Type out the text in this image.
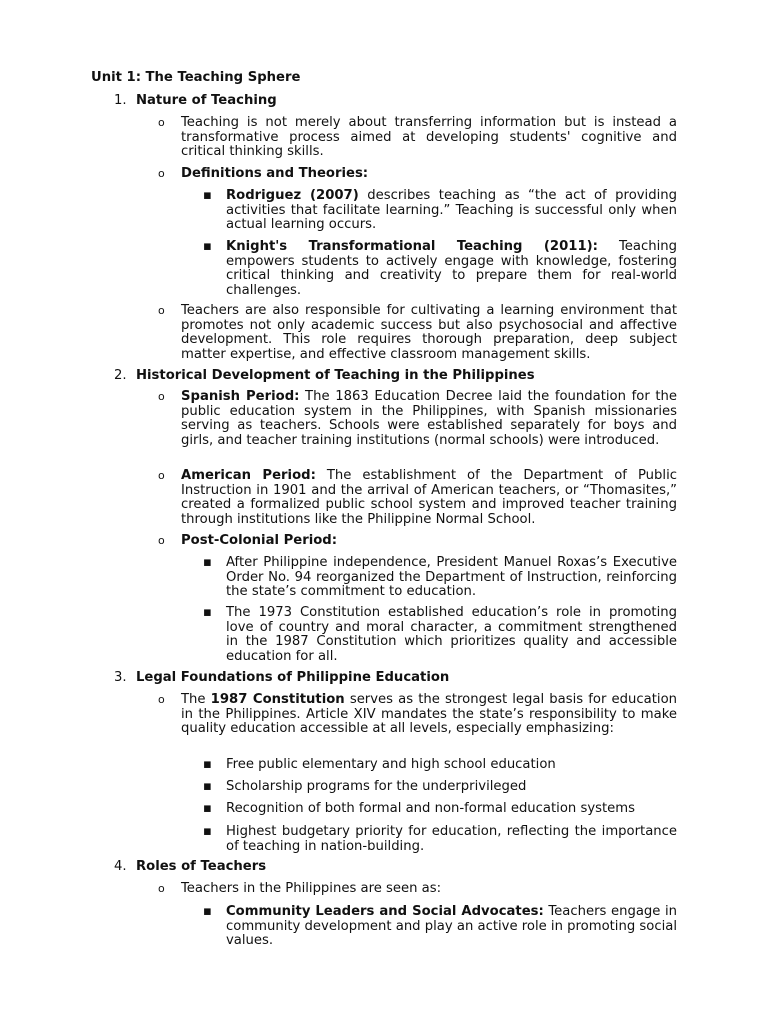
Unit 1: The Teaching Sphere
1. Nature of Teaching
o Teaching is not merely about transferring information but is instead a transformative process aimed at developing students' cognitive and critical thinking skills.
o Definitions and Theories:
▪ Rodriguez (2007) describes teaching as “the act of providing activities that facilitate learning.” Teaching is successful only when actual learning occurs.
▪ Knight's Transformational Teaching (2011): Teaching empowers students to actively engage with knowledge, fostering critical thinking and creativity to prepare them for real-world challenges.
o Teachers are also responsible for cultivating a learning environment that promotes not only academic success but also psychosocial and affective development. This role requires thorough preparation, deep subject matter expertise, and effective classroom management skills.
2. Historical Development of Teaching in the Philippines
o Spanish Period: The 1863 Education Decree laid the foundation for the public education system in the Philippines, with Spanish missionaries serving as teachers. Schools were established separately for boys and girls, and teacher training institutions (normal schools) were introduced.
o American Period: The establishment of the Department of Public Instruction in 1901 and the arrival of American teachers, or “Thomasites,” created a formalized public school system and improved teacher training through institutions like the Philippine Normal School.
o Post-Colonial Period:
▪ After Philippine independence, President Manuel Roxas’s Executive Order No. 94 reorganized the Department of Instruction, reinforcing the state’s commitment to education.
▪ The 1973 Constitution established education’s role in promoting love of country and moral character, a commitment strengthened in the 1987 Constitution which prioritizes quality and accessible education for all.
3. Legal Foundations of Philippine Education
o The 1987 Constitution serves as the strongest legal basis for education in the Philippines. Article XIV mandates the state’s responsibility to make quality education accessible at all levels, especially emphasizing:
▪ Free public elementary and high school education
▪ Scholarship programs for the underprivileged
▪ Recognition of both formal and non-formal education systems
▪ Highest budgetary priority for education, reflecting the importance of teaching in nation-building.
4. Roles of Teachers
o Teachers in the Philippines are seen as:
▪ Community Leaders and Social Advocates: Teachers engage in community development and play an active role in promoting social values.
